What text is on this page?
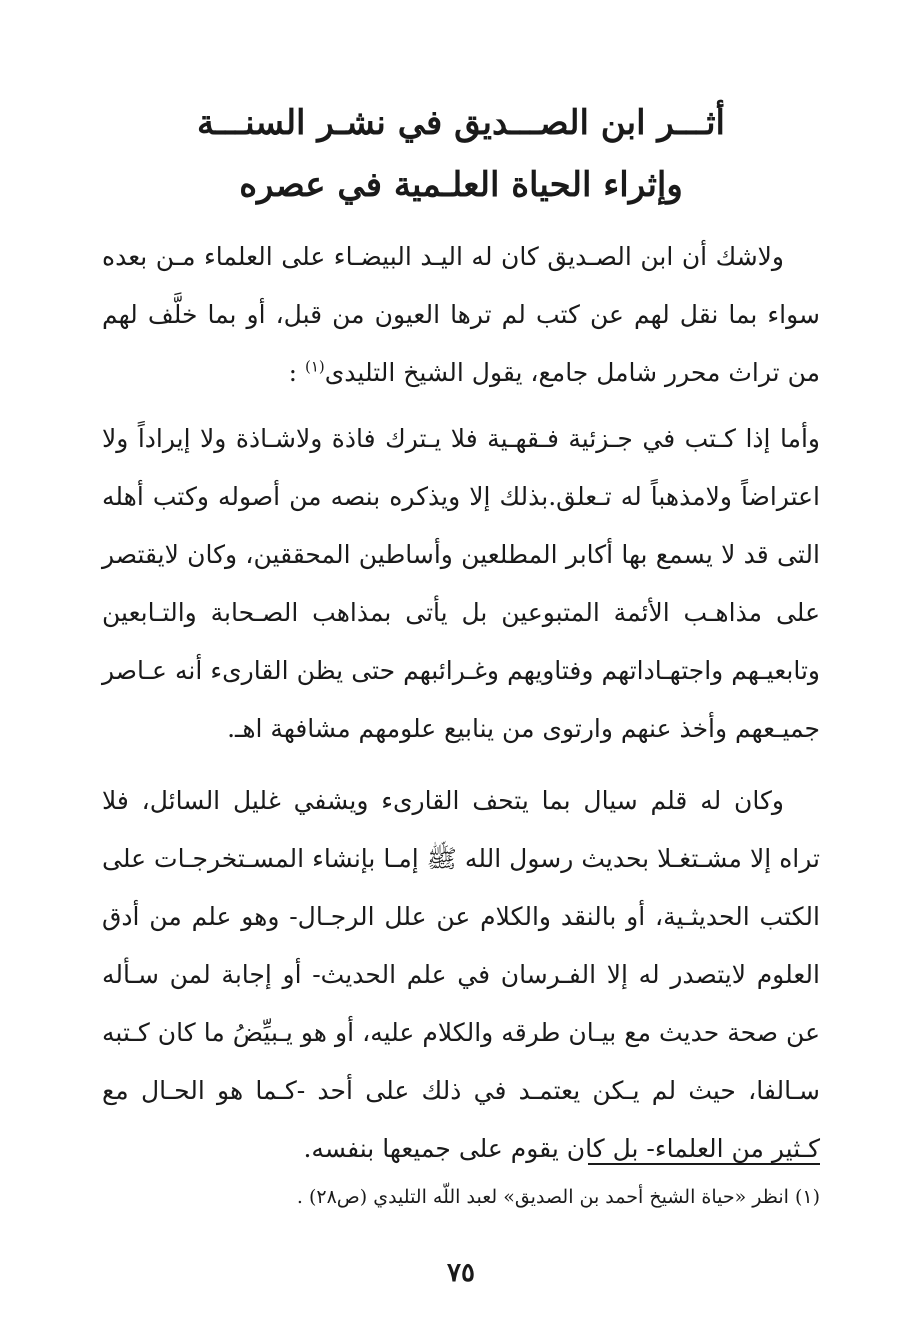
أثـــر ابن الصـــديق في نشـر السنـــة
وإثراء الحياة العلـمية في عصره

ولاشك أن ابن الصـديق كان له اليـد البيضـاء على العلماء مـن بعده سواء بما نقل لهم عن كتب لم ترها العيون من قبل، أو بما خلَّف لهم من تراث محرر شامل جامع، يقول الشيخ التليدى$^{(١)}$ :

وأما إذا كـتب في جـزئية فـقهـية فلا يـترك فاذة ولاشـاذة ولا إيراداً ولا اعتراضاً ولامذهباً له تـعلق.بذلك إلا ويذكره بنصه من أصوله وكتب أهله التى قد لا يسمع بها أكابر المطلعين وأساطين المحققين، وكان لايقتصر على مذاهـب الأئمة المتبوعين بل يأتى بمذاهب الصـحابة والتـابعين وتابعيـهم واجتهـاداتهم وفتاويهم وغـرائبهم حتى يظن القارىء أنه عـاصر جميـعهم وأخذ عنهم وارتوى من ينابيع علومهم مشافهة اهـ.

وكان له قلم سيال بما يتحف القارىء ويشفي غليل السائل، فلا تراه إلا مشـتغـلا بحديث رسول الله ﷺ إمـا بإنشاء المسـتخرجـات على الكتب الحديثـية، أو بالنقد والكلام عن علل الرجـال- وهو علم من أدق العلوم لايتصدر له إلا الفـرسان في علم الحديث- أو إجابة لمن سـأله عن صحة حديث مع بيـان طرقه والكلام عليه، أو هو يـبيِّضُ ما كان كـتبه سـالفا، حيث لم يـكن يعتمـد في ذلك على أحد -كـما هو الحـال مع كـثير من العلماء- بل كان يقوم على جميعها بنفسه.

(١) انظر «حياة الشيخ أحمد بن الصديق» لعبد اللّه التليدي (ص٢٨) .
٧٥
